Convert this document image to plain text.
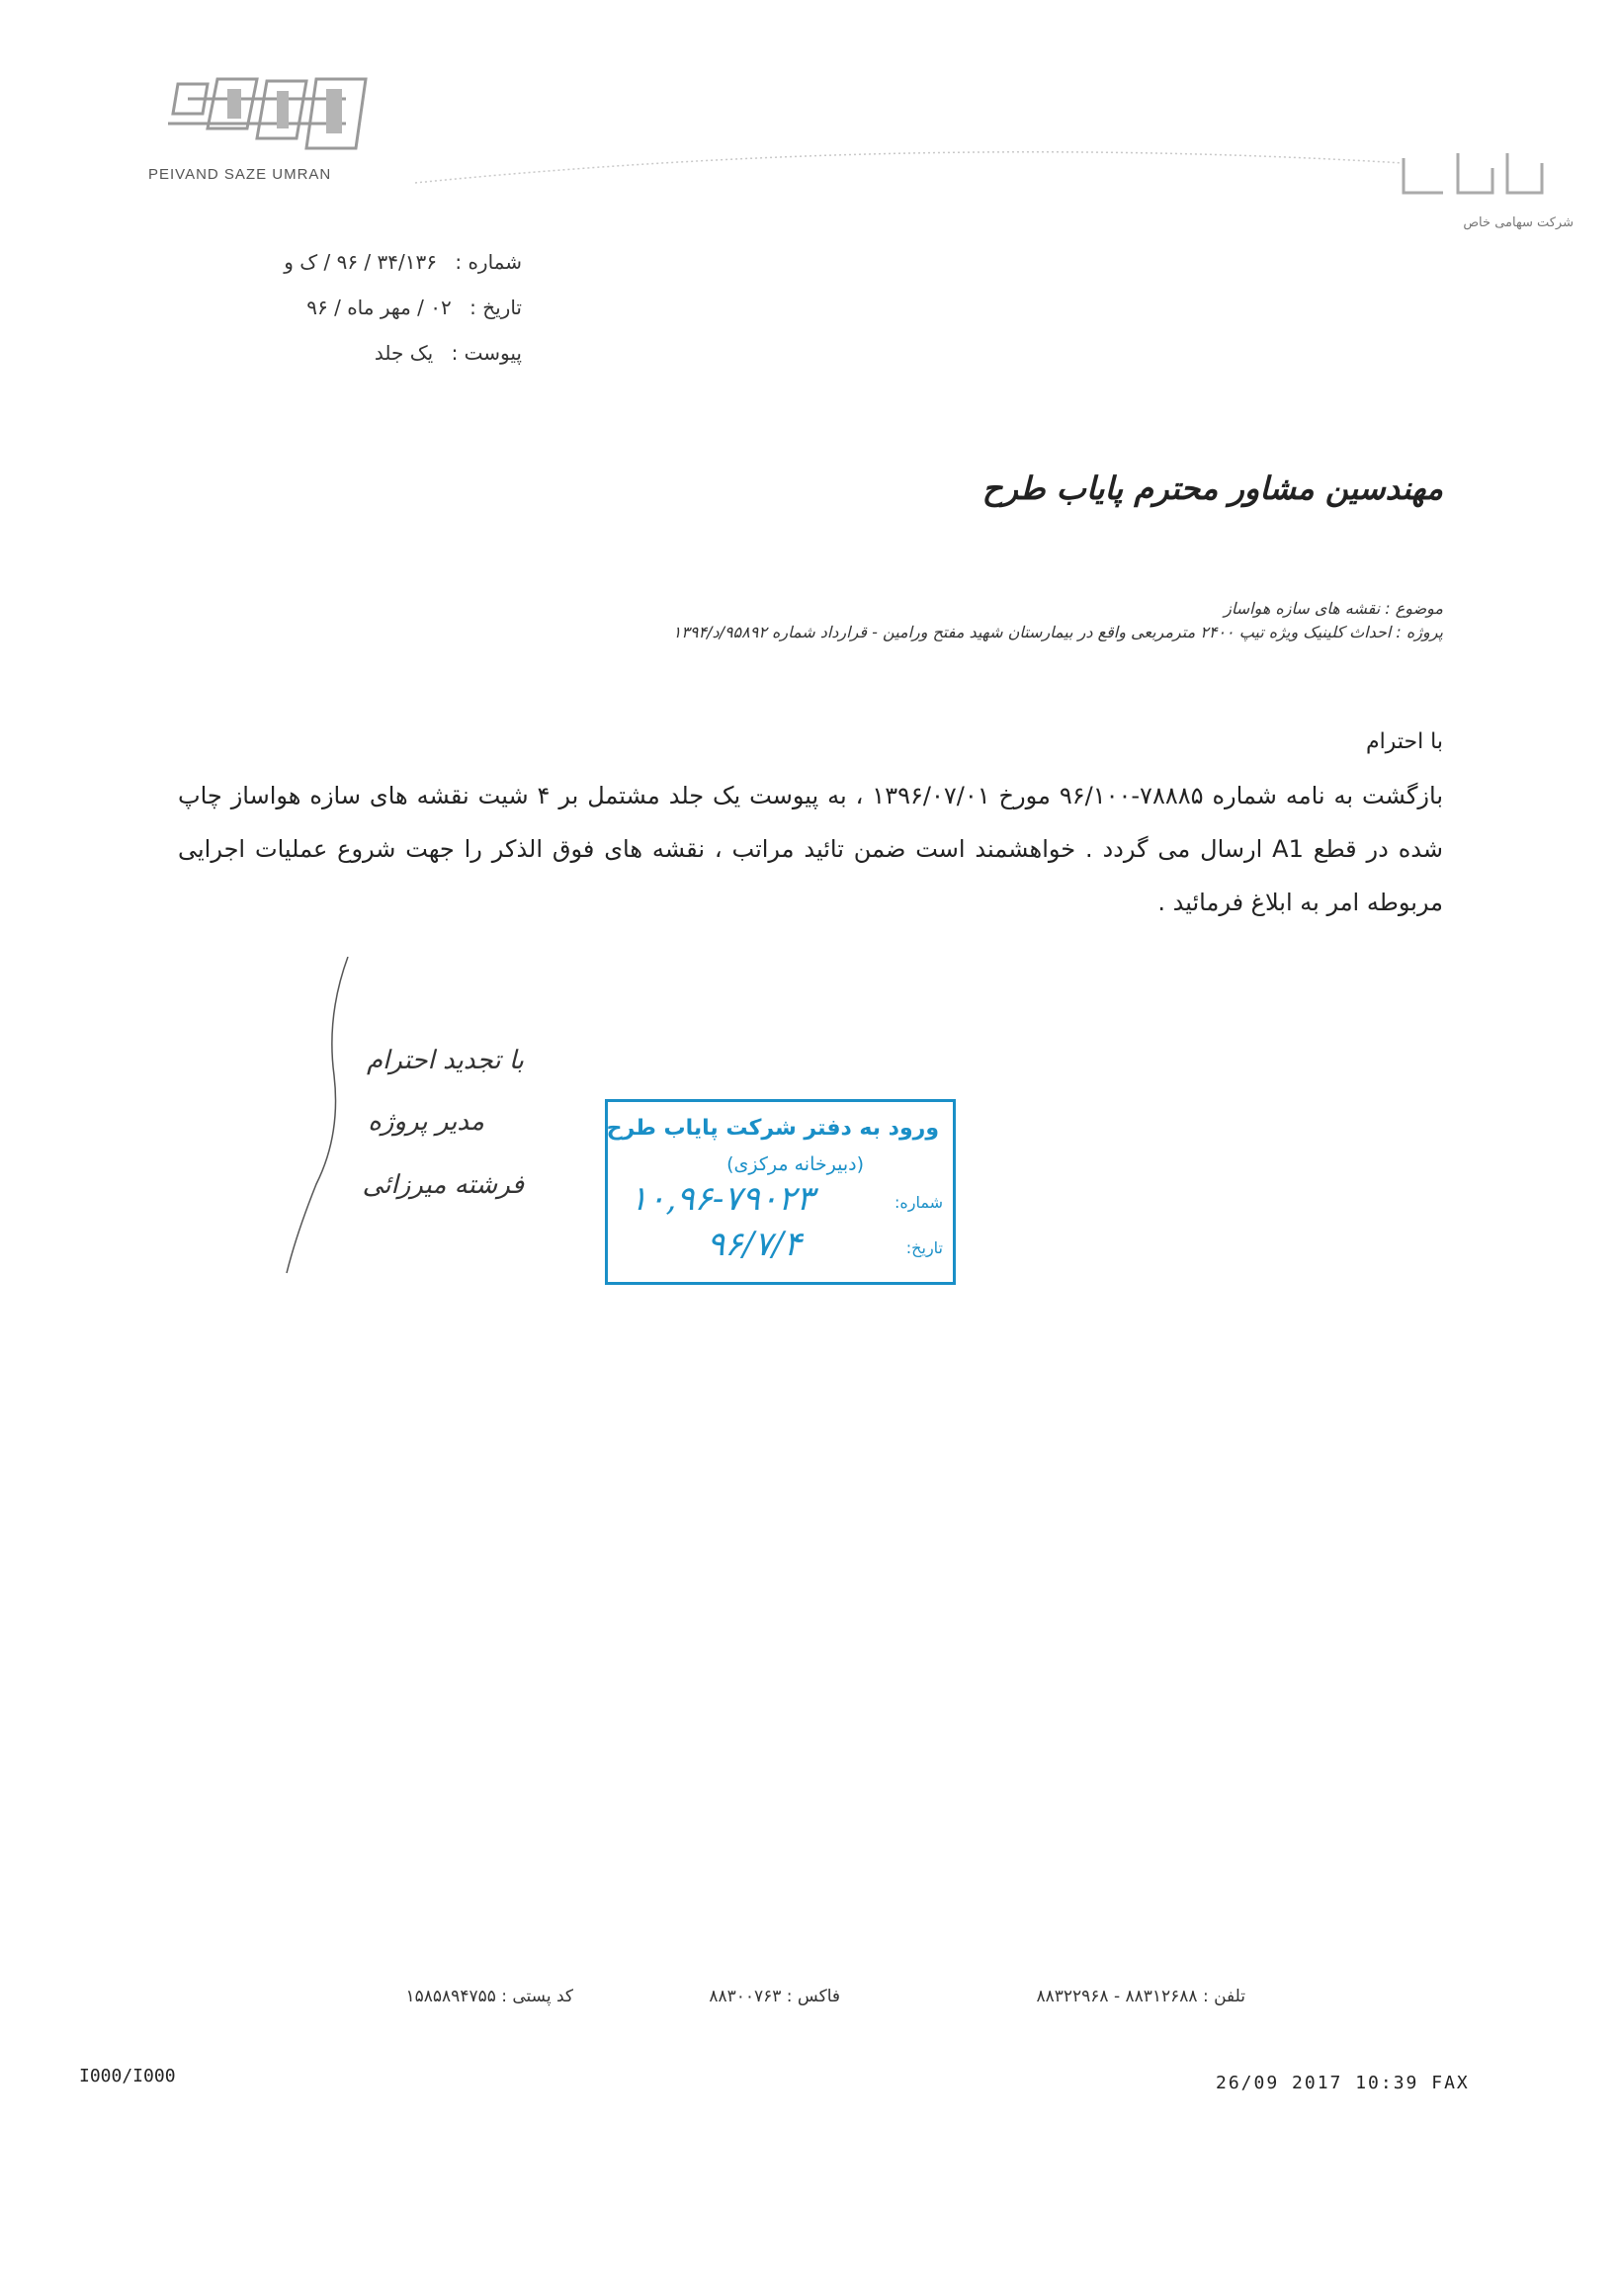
PEIVAND SAZE UMRAN
شرکت سهامی خاص
شماره : ۳۴/۱۳۶ / ۹۶ / ک و
تاریخ : ۰۲ / مهر ماه / ۹۶
پیوست : یک جلد
مهندسین مشاور محترم پایاب طرح
موضوع : نقشه های سازه هواساز
پروژه : احداث کلینیک ویژه تیپ ۲۴۰۰ مترمربعی واقع در بیمارستان شهید مفتح ورامین - قرارداد شماره ۹۵۸۹۲/د/۱۳۹۴
با احترام
بازگشت به نامه شماره ۷۸۸۸۵-۹۶/۱۰۰ مورخ ۱۳۹۶/۰۷/۰۱ ، به پیوست یک جلد مشتمل بر ۴ شیت نقشه های سازه هواساز چاپ شده در قطع A1 ارسال می گردد . خواهشمند است ضمن تائید مراتب ، نقشه های فوق الذکر را جهت شروع عملیات اجرایی مربوطه امر به ابلاغ فرمائید .
با تجدید احترام
مدیر پروژه
فرشته میرزائی
ورود به دفتر شرکت پایاب طرح
(دبیرخانه مرکزی)
شماره:
۱۰,۹۶-۷۹۰۲۳
تاریخ:
۹۶/۷/۴
تلفن : ۸۸۳۱۲۶۸۸ - ۸۸۳۲۲۹۶۸
فاکس : ۸۸۳۰۰۷۶۳
کد پستی : ۱۵۸۵۸۹۴۷۵۵
I000/I000	26/09 2017 10:39 FAX
